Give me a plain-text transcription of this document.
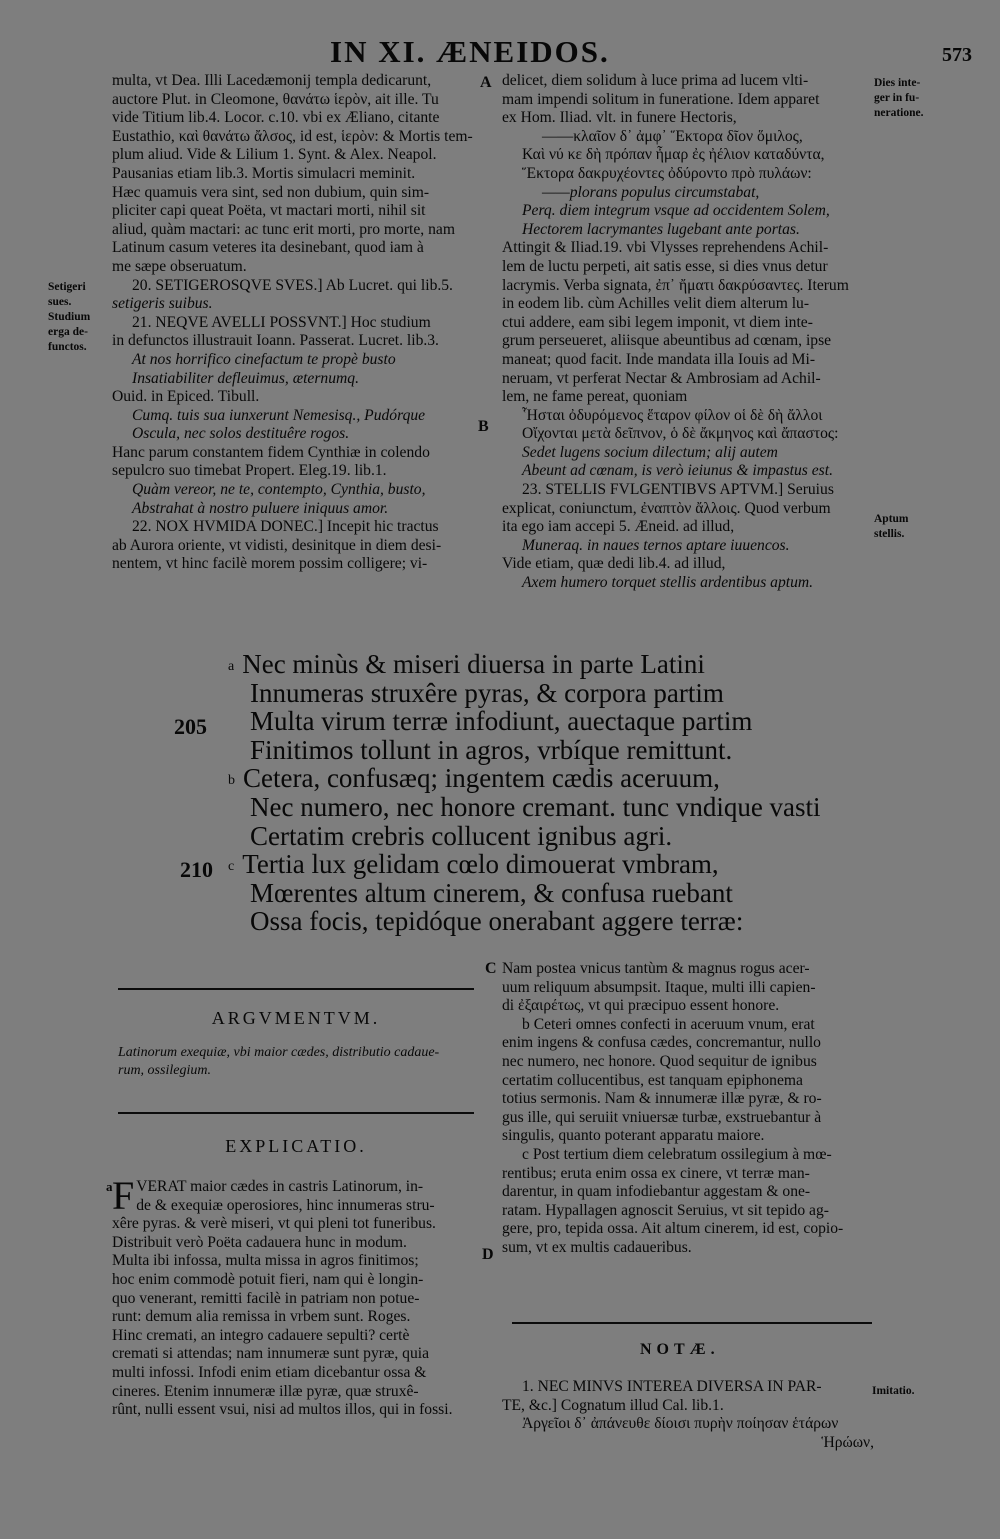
IN XI. ÆNEIDOS.	573
Setigeri
sues.
Studium
erga de-
functos.
A
B
C
D
multa, vt Dea. Illi Lacedæmonij templa dedicarunt,
auctore Plut. in Cleomone, θανάτω ἱερὸν, ait ille. Tu
vide Titium lib.4. Locor. c.10. vbi ex Æliano, citante
Eustathio, καὶ θανάτω ἄλσος, id est, ἱερὸν: & Mortis tem-
plum aliud. Vide & Lilium 1. Synt. & Alex. Neapol.
Pausanias etiam lib.3. Mortis simulacri meminit.
Hæc quamuis vera sint, sed non dubium, quin sim-
pliciter capi queat Poëta, vt mactari morti, nihil sit
aliud, quàm mactari: ac tunc erit morti, pro morte, nam
Latinum casum veteres ita desinebant, quod iam à
me sæpe obseruatum.
20. SETIGEROSQVE SVES.] Ab Lucret. qui lib.5.
setigeris suibus.
21. NEQVE AVELLI POSSVNT.] Hoc studium
in defunctos illustrauit Ioann. Passerat. Lucret. lib.3.
At nos horrifico cinefactum te propè busto
Insatiabiliter defleuimus, æternumq.
Ouid. in Epiced. Tibull.
Cumq. tuis sua iunxerunt Nemesisq., Pudórque
Oscula, nec solos destituêre rogos.
Hanc parum constantem fidem Cynthiæ in colendo
sepulcro suo timebat Propert. Eleg.19. lib.1.
Quàm vereor, ne te, contempto, Cynthia, busto,
Abstrahat à nostro puluere iniquus amor.
22. NOX HVMIDA DONEC.] Incepit hic tractus
ab Aurora oriente, vt vidisti, desinitque in diem desi-
nentem, vt hinc facilè morem possim colligere; vi-
delicet, diem solidum à luce prima ad lucem vlti-
mam impendi solitum in funeratione. Idem apparet
ex Hom. Iliad. vlt. in funere Hectoris,
——κλαῖον δ᾽ ἀμφ᾽ Ἕκτορα δῖον ὅμιλος,
Καὶ νύ κε δὴ πρόπαν ἦμαρ ἐς ἠέλιον καταδύντα,
Ἕκτορα δακρυχέοντες ὀδύροντο πρὸ πυλάων:
——plorans populus circumstabat,
Perq. diem integrum vsque ad occidentem Solem,
Hectorem lacrymantes lugebant ante portas.
Attingit & Iliad.19. vbi Vlysses reprehendens Achil-
lem de luctu perpeti, ait satis esse, si dies vnus detur
lacrymis. Verba signata, ἐπ᾽ ἤματι δακρύσαντες. Iterum
in eodem lib. cùm Achilles velit diem alterum lu-
ctui addere, eam sibi legem imponit, vt diem inte-
grum perseueret, aliisque abeuntibus ad cœnam, ipse
maneat; quod facit. Inde mandata illa Iouis ad Mi-
neruam, vt perferat Nectar & Ambrosiam ad Achil-
lem, ne fame pereat, quoniam
Ἧσται ὀδυρόμενος ἕταρον φίλον οἱ δὲ δὴ ἄλλοι
Οἴχονται μετὰ δεῖπνον, ὁ δὲ ἄκμηνος καὶ ἄπαστος:
Sedet lugens socium dilectum; alij autem
Abeunt ad cœnam, is verò ieiunus & impastus est.
23. STELLIS FVLGENTIBVS APTVM.] Seruius
explicat, coniunctum, ἐναπτὸν ἄλλοις. Quod verbum
ita ego iam accepi 5. Æneid. ad illud,
Muneraq. in naues ternos aptare iuuencos.
Vide etiam, quæ dedi lib.4. ad illud,
Axem humero torquet stellis ardentibus aptum.
Dies inte-
ger in fu-
neratione.
Aptum
stellis.
a Nec minùs & miseri diuersa in parte Latini
Innumeras struxêre pyras, & corpora partim
Multa virum terræ infodiunt, auectaque partim
Finitimos tollunt in agros, vrbíque remittunt.
b Cetera, confusæq; ingentem cædis aceruum,
Nec numero, nec honore cremant. tunc vndique vasti
Certatim crebris collucent ignibus agri.
c Tertia lux gelidam cœlo dimouerat vmbram,
Mœrentes altum cinerem, & confusa ruebant
Ossa focis, tepidóque onerabant aggere terræ:
205
210
ARGVMENTVM.
Latinorum exequiæ, vbi maior cædes, distributio cadaue-
rum, ossilegium.
EXPLICATIO.
a F VERAT maior cædes in castris Latinorum, in-
de & exequiæ operosiores, hinc innumeras stru-
xêre pyras. & verè miseri, vt qui pleni tot funeribus.
Distribuit verò Poëta cadauera hunc in modum.
Multa ibi infossa, multa missa in agros finitimos;
hoc enim commodè potuit fieri, nam qui è longin-
quo venerant, remitti facilè in patriam non potue-
runt: demum alia remissa in vrbem sunt. Roges.
Hinc cremati, an integro cadauere sepulti? certè
cremati si attendas; nam innumeræ sunt pyræ, quia
multi infossi. Infodi enim etiam dicebantur ossa &
cineres. Etenim innumeræ illæ pyræ, quæ struxê-
rûnt, nulli essent vsui, nisi ad multos illos, qui in fossi.
Nam postea vnicus tantùm & magnus rogus acer-
uum reliquum absumpsit. Itaque, multi illi capien-
di ἐξαιρέτως, vt qui præcipuo essent honore.
b Ceteri omnes confecti in aceruum vnum, erat
enim ingens & confusa cædes, concremantur, nullo
nec numero, nec honore. Quod sequitur de ignibus
certatim collucentibus, est tanquam epiphonema
totius sermonis. Nam & innumeræ illæ pyræ, & ro-
gus ille, qui seruiit vniuersæ turbæ, exstruebantur à
singulis, quanto poterant apparatu maiore.
c Post tertium diem celebratum ossilegium à mœ-
rentibus; eruta enim ossa ex cinere, vt terræ man-
darentur, in quam infodiebantur aggestam & one-
ratam. Hypallagen agnoscit Seruius, vt sit tepido ag-
gere, pro, tepida ossa. Ait altum cinerem, id est, copio-
sum, vt ex multis cadaueribus.
NOTÆ.
1. NEC MINVS INTEREA DIVERSA IN PAR-
TE, &c.] Cognatum illud Cal. lib.1.
Ἀργεῖοι δ᾽ ἀπάνευθε δίοισι πυρὴν ποίησαν ἑτάρων
Ἡρώων,
Imitatio.
